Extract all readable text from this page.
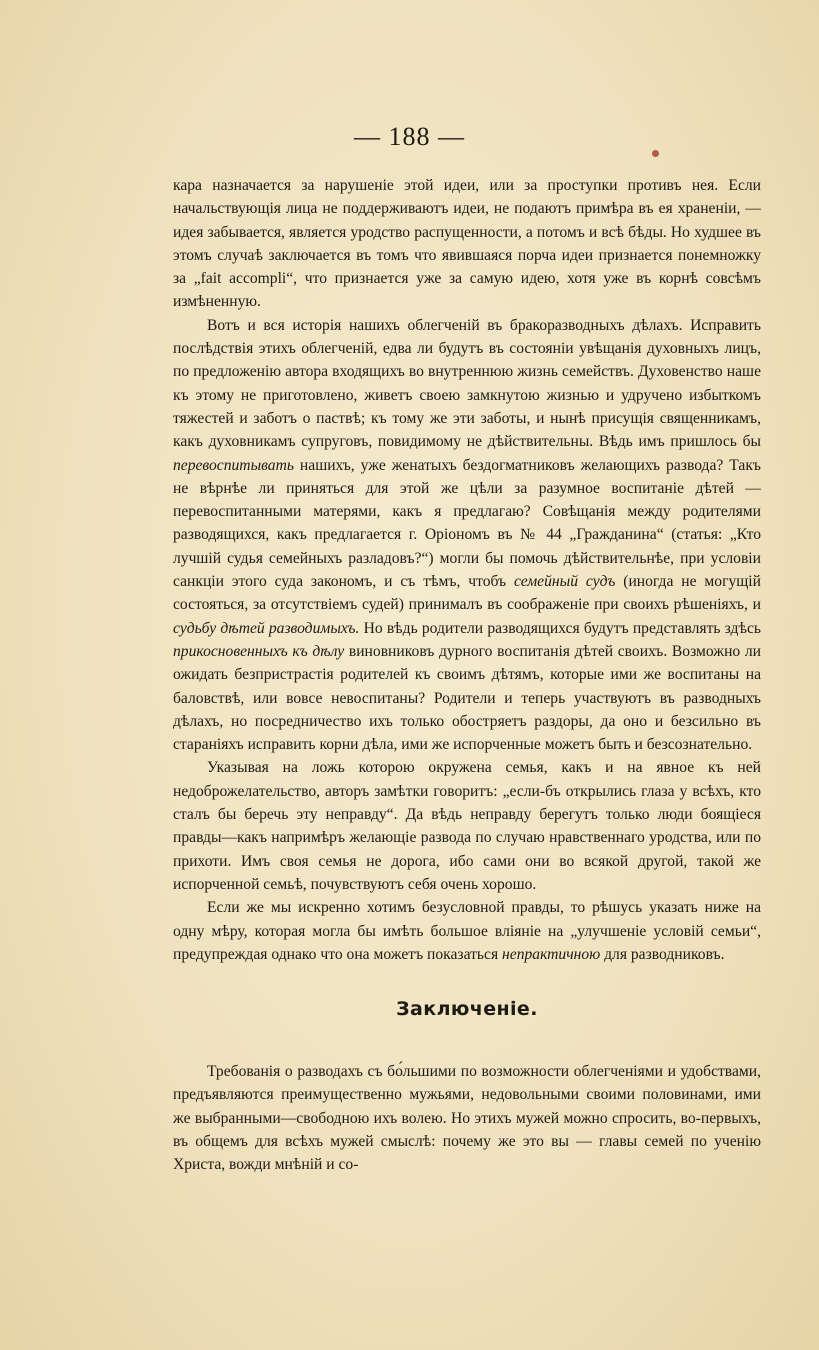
— 188 —

кара назначается за нарушеніе этой идеи, или за проступки противъ нея. Если начальствующія лица не поддерживаютъ идеи, не подаютъ примѣра въ ея храненіи, — идея забывается, является уродство распущенности, а потомъ и всѣ бѣды. Но худшее въ этомъ случаѣ заключается въ томъ что явившаяся порча идеи признается понемножку за „fait accompli“, что признается уже за самую идею, хотя уже въ корнѣ совсѣмъ измѣненную.

Вотъ и вся исторія нашихъ облегченій въ бракоразводныхъ дѣлахъ. Исправить послѣдствія этихъ облегченій, едва ли будутъ въ состояніи увѣщанія духовныхъ лицъ, по предложенію автора входящихъ во внутреннюю жизнь семействъ. Духовенство наше къ этому не приготовлено, живетъ своею замкнутою жизнью и удручено избыткомъ тяжестей и заботъ о паствѣ; къ тому же эти заботы, и нынѣ присущія священникамъ, какъ духовникамъ супруговъ, повидимому не дѣйствительны. Вѣдь имъ пришлось бы перевоспитывать нашихъ, уже женатыхъ бездогматниковъ желающихъ развода? Такъ не вѣрнѣе ли приняться для этой же цѣли за разумное воспитаніе дѣтей — перевоспитанными матерями, какъ я предлагаю? Совѣщанія между родителями разводящихся, какъ предлагается г. Оріономъ въ № 44 „Гражданина“ (статья: „Кто лучшій судья семейныхъ разладовъ?“) могли бы помочь дѣйствительнѣе, при условіи санкціи этого суда закономъ, и съ тѣмъ, чтобъ семейный судъ (иногда не могущій состояться, за отсутствіемъ судей) принималъ въ соображеніе при своихъ рѣшеніяхъ, и судьбу дѣтей разводимыхъ. Но вѣдь родители разводящихся будутъ представлять здѣсь прикосновенныхъ къ дѣлу виновниковъ дурного воспитанія дѣтей своихъ. Возможно ли ожидать безпристрастія родителей къ своимъ дѣтямъ, которые ими же воспитаны на баловствѣ, или вовсе невоспитаны? Родители и теперь участвуютъ въ разводныхъ дѣлахъ, но посредничество ихъ только обостряетъ раздоры, да оно и безсильно въ стараніяхъ исправить корни дѣла, ими же испорченные можетъ быть и безсознательно.

Указывая на ложь которою окружена семья, какъ и на явное къ ней недоброжелательство, авторъ замѣтки говоритъ: „если-бъ открылись глаза у всѣхъ, кто сталъ бы беречь эту неправду“. Да вѣдь неправду берегутъ только люди боящіеся правды—какъ напримѣръ желающіе развода по случаю нравственнаго уродства, или по прихоти. Имъ своя семья не дорога, ибо сами они во всякой другой, такой же испорченной семьѣ, почувствуютъ себя очень хорошо.

Если же мы искренно хотимъ безусловной правды, то рѣшусь указать ниже на одну мѣру, которая могла бы имѣть большое вліяніе на „улучшеніе условій семьи“, предупреждая однако что она можетъ показаться непрактичною для разводниковъ.

Заключеніе.

Требованія о разводахъ съ бо́льшими по возможности облегченіями и удобствами, предъявляются преимущественно мужьями, недовольными своими половинами, ими же выбранными—свободною ихъ волею. Но этихъ мужей можно спросить, во-первыхъ, въ общемъ для всѣхъ мужей смыслѣ: почему же это вы — главы семей по ученію Христа, вожди мнѣній и со-
